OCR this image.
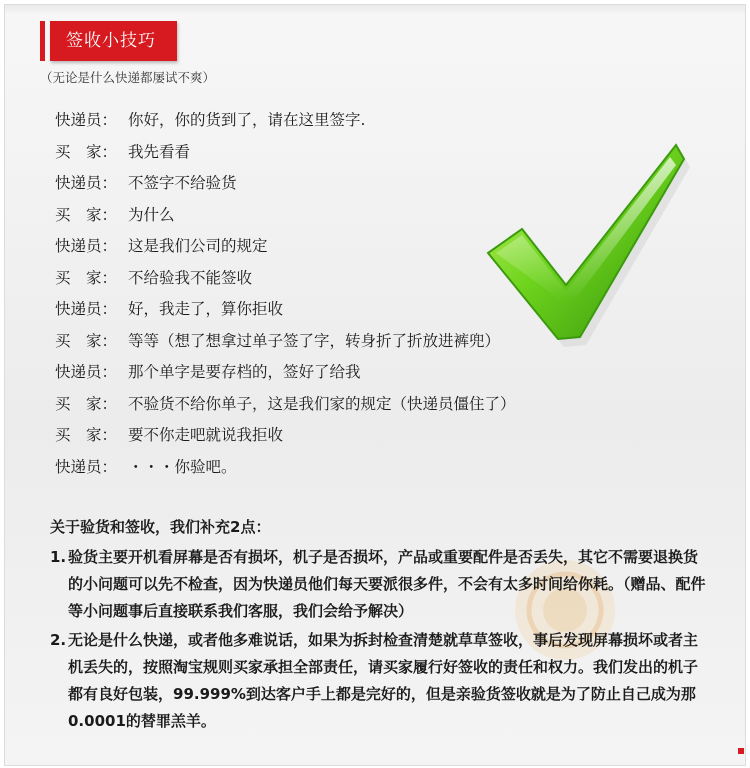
签收小技巧
（无论是什么快递都屡试不爽）
快递员： 你好，你的货到了，请在这里签字.
买　家： 我先看看
快递员： 不签字不给验货
买　家： 为什么
快递员： 这是我们公司的规定
买　家： 不给验我不能签收
快递员： 好，我走了，算你拒收
买　家： 等等（想了想拿过单子签了字，转身折了折放进裤兜）
快递员： 那个单字是要存档的，签好了给我
买　家： 不验货不给你单子，这是我们家的规定（快递员僵住了）
买　家： 要不你走吧就说我拒收
快递员： ・・・你验吧。
关于验货和签收，我们补充2点：
1. 验货主要开机看屏幕是否有损坏，机子是否损坏，产品或重要配件是否丢失，其它不需要退换货的小问题可以先不检查，因为快递员他们每天要派很多件，不会有太多时间给你耗。（赠品、配件等小问题事后直接联系我们客服，我们会给予解决）
2. 无论是什么快递，或者他多难说话，如果为拆封检查清楚就草草签收，事后发现屏幕损坏或者主机丢失的，按照淘宝规则买家承担全部责任，请买家履行好签收的责任和权力。我们发出的机子都有良好包装，99.999%到达客户手上都是完好的，但是亲验货签收就是为了防止自己成为那0.0001的替罪羔羊。
